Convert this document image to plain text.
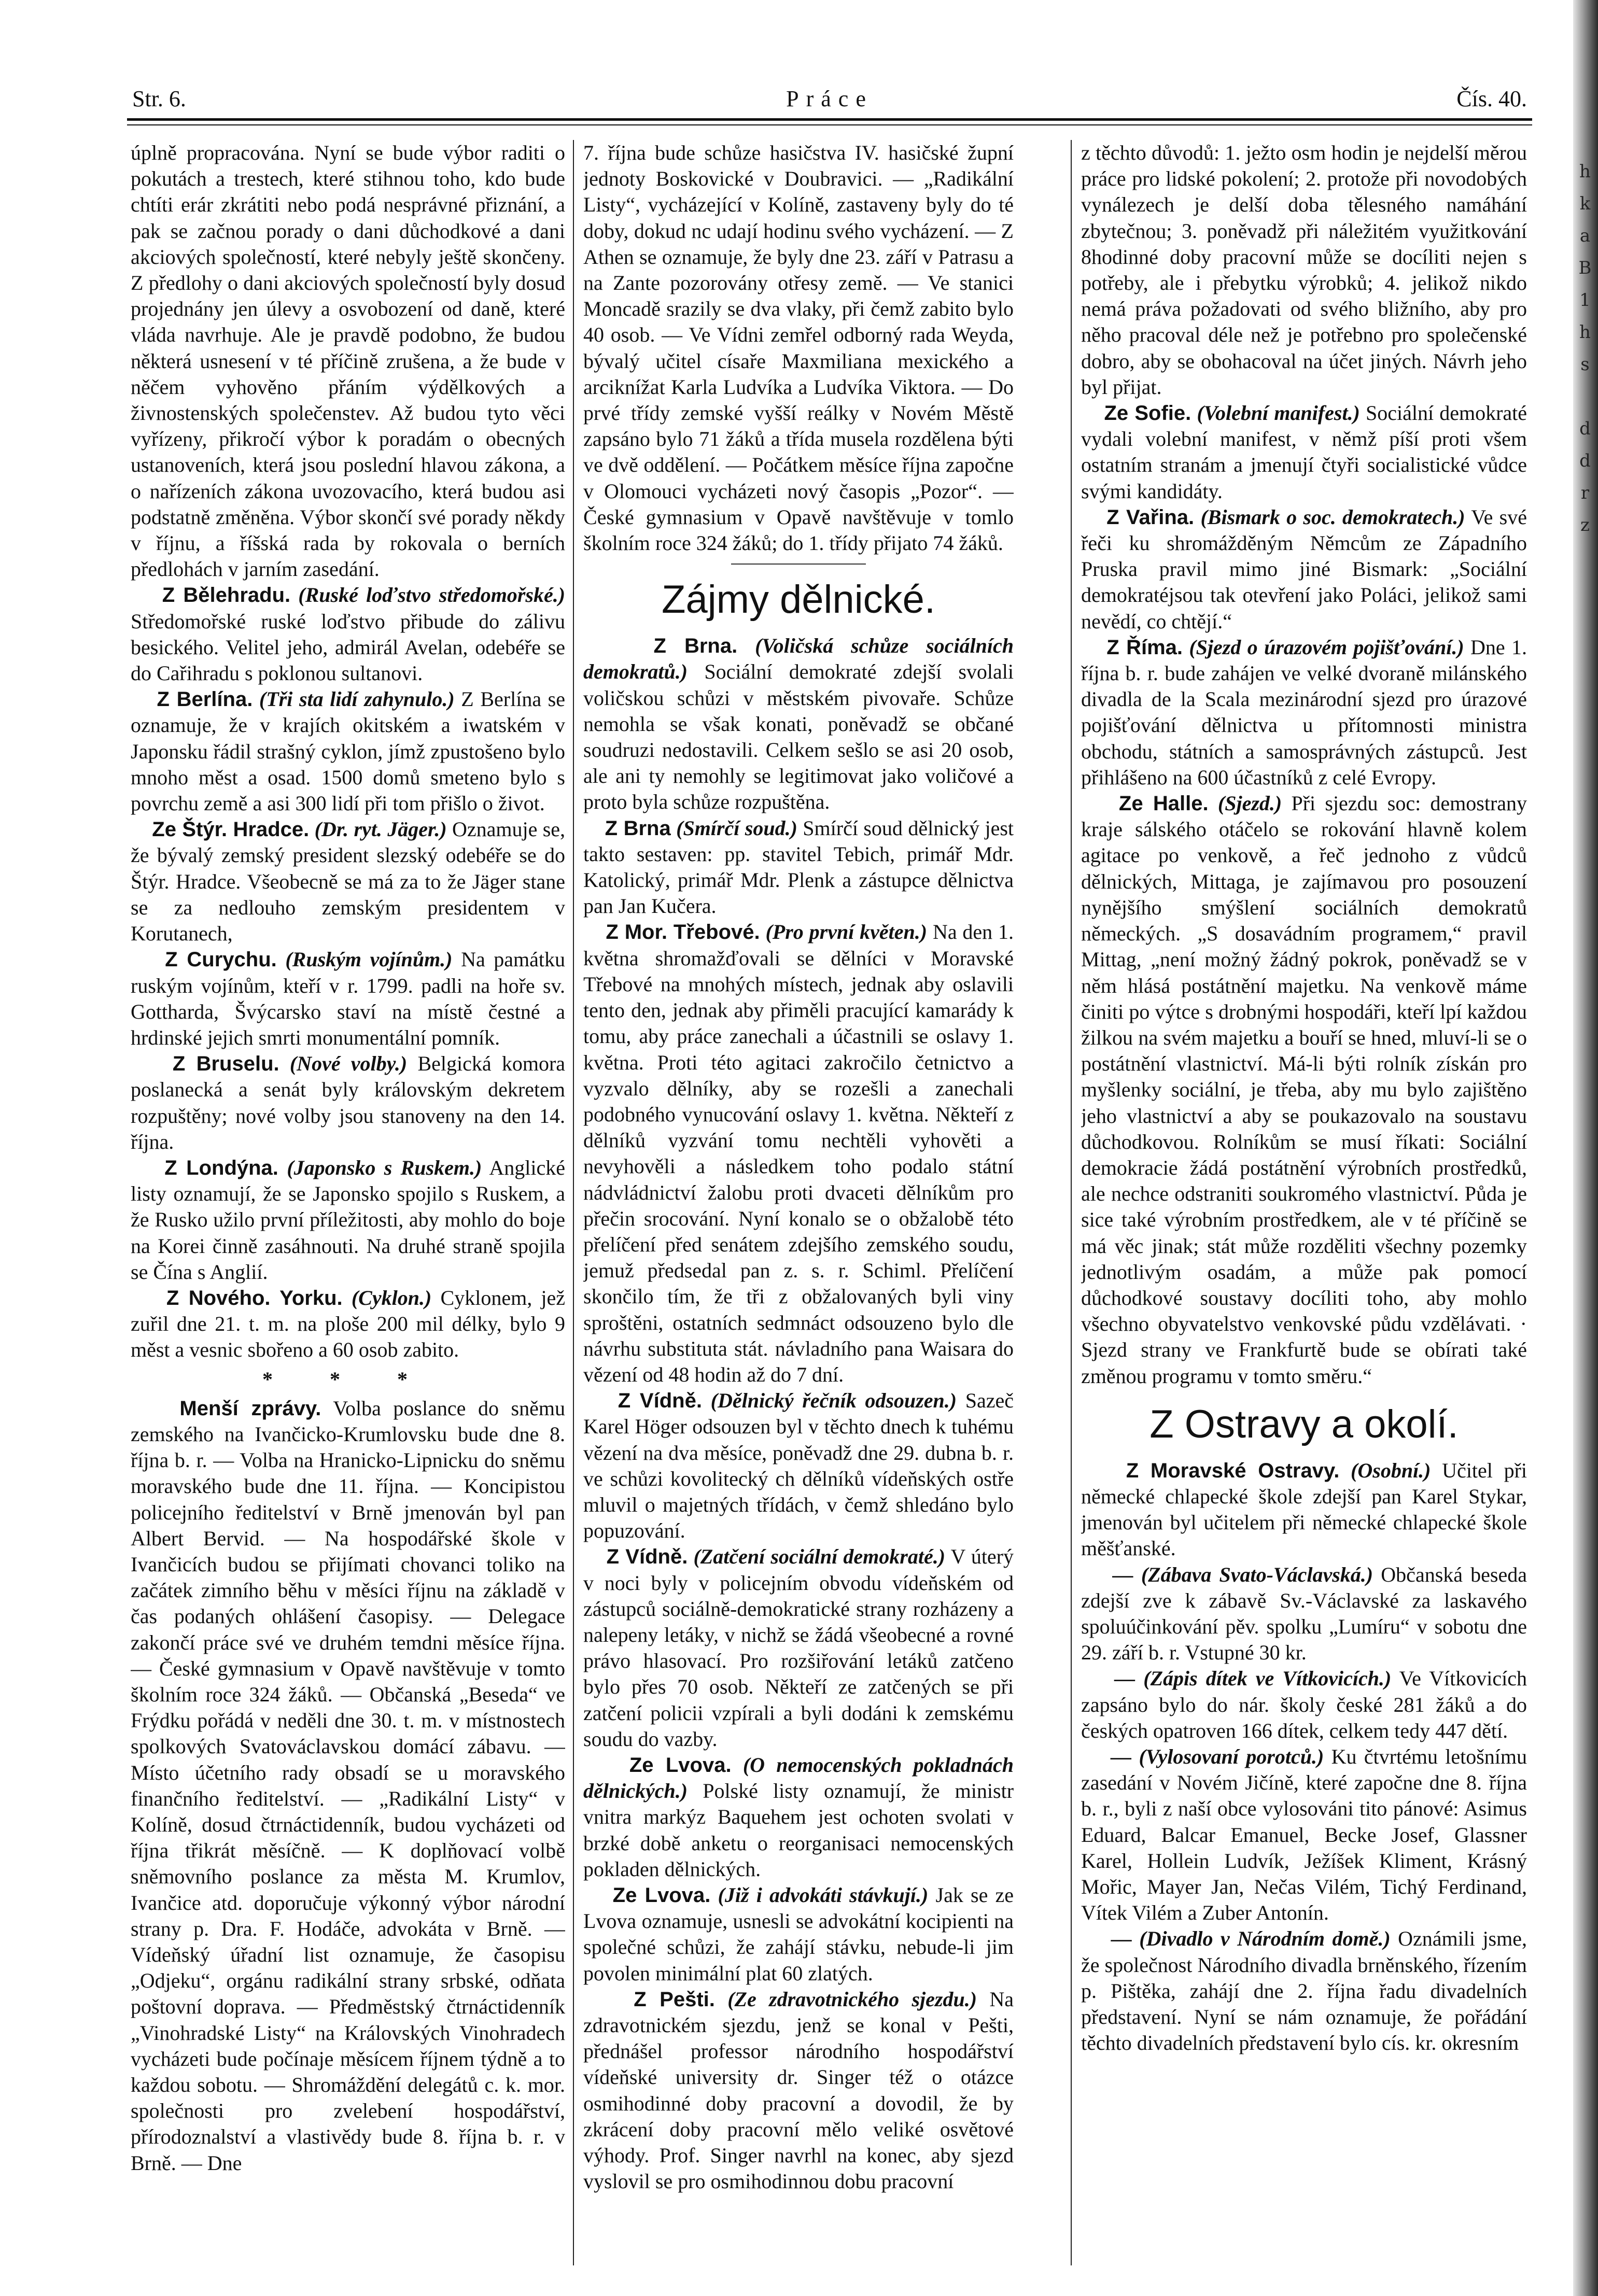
h
k
a
B
1
h
s

d
d
r
z
Str. 6.	Práce	Čís. 40.

úplně propracována. Nyní se bude výbor raditi o pokutách a trestech, které stihnou toho, kdo bude chtíti erár zkrátiti nebo podá nesprávné přiznání, a pak se začnou porady o dani důchodkové a dani akciových společností, které nebyly ještě skončeny. Z předlohy o dani akciových společností byly dosud projednány jen úlevy a osvobození od daně, které vláda navrhuje. Ale je pravdě podobno, že budou některá usnesení v té příčině zrušena, a že bude v něčem vyhověno přáním výdělkových a živnostenských společenstev. Až budou tyto věci vyřízeny, přikročí výbor k poradám o obecných ustanoveních, která jsou poslední hlavou zákona, a o nařízeních zákona uvozovacího, která budou asi podstatně změněna. Výbor skončí své porady někdy v říjnu, a říšská rada by rokovala o berních předlohách v jarním zasedání.

Z Bělehradu. (Ruské loďstvo středomořské.) Středomořské ruské loďstvo přibude do zálivu besického. Velitel jeho, admirál Avelan, odebéře se do Cařihradu s poklonou sultanovi.

Z Berlína. (Tři sta lidí zahynulo.) Z Berlína se oznamuje, že v krajích okitském a iwatském v Japonsku řádil strašný cyklon, jímž zpustošeno bylo mnoho měst a osad. 1500 domů smeteno bylo s povrchu země a asi 300 lidí při tom přišlo o život.

Ze Štýr. Hradce. (Dr. ryt. Jäger.) Oznamuje se, že bývalý zemský president slezský odebéře se do Štýr. Hradce. Všeobecně se má za to že Jäger stane se za nedlouho zemským presidentem v Korutanech,

Z Curychu. (Ruským vojínům.) Na památku ruským vojínům, kteří v r. 1799. padli na hoře sv. Gottharda, Švýcarsko staví na místě čestné a hrdinské jejich smrti monumentální pomník.

Z Bruselu. (Nové volby.) Belgická komora poslanecká a senát byly královským dekretem rozpuštěny; nové volby jsou stanoveny na den 14. října.

Z Londýna. (Japonsko s Ruskem.) Anglické listy oznamují, že se Japonsko spojilo s Ruskem, a že Rusko užilo první příležitosti, aby mohlo do boje na Korei činně zasáhnouti. Na druhé straně spojila se Čína s Anglií.

Z Nového. Yorku. (Cyklon.) Cyklonem, jež zuřil dne 21. t. m. na ploše 200 mil délky, bylo 9 měst a vesnic sbořeno a 60 osob zabito.

* * *

Menší zprávy. Volba poslance do sněmu zemského na Ivančicko-Krumlovsku bude dne 8. října b. r. — Volba na Hranicko-Lipnicku do sněmu moravského bude dne 11. října. — Koncipistou policejního ředitelství v Brně jmenován byl pan Albert Bervid. — Na hospodářské škole v Ivančicích budou se přijímati chovanci toliko na začátek zimního běhu v měsíci říjnu na základě v čas podaných ohlášení časopisy. — Delegace zakončí práce své ve druhém temdni měsíce října. — České gymnasium v Opavě navštěvuje v tomto školním roce 324 žáků. — Občanská „Beseda“ ve Frýdku pořádá v neděli dne 30. t. m. v místnostech spolkových Svatováclavskou domácí zábavu. — Místo účetního rady obsadí se u moravského finančního ředitelství. — „Radikální Listy“ v Kolíně, dosud čtrnáctidenník, budou vycházeti od října třikrát měsíčně. — K doplňovací volbě sněmovního poslance za města M. Krumlov, Ivančice atd. doporučuje výkonný výbor národní strany p. Dra. F. Hodáče, advokáta v Brně. — Vídeňský úřadní list oznamuje, že časopisu „Odjeku“, orgánu radikální strany srbské, odňata poštovní doprava. — Předměstský čtrnáctidenník „Vinohradské Listy“ na Královských Vinohradech vycházeti bude počínaje měsícem říjnem týdně a to každou sobotu. — Shromáždění delegátů c. k. mor. společnosti pro zvelebení hospodářství, přírodoznalství a vlastivědy bude 8. října b. r. v Brně. — Dne

7. října bude schůze hasičstva IV. hasičské župní jednoty Boskovické v Doubravici. — „Radikální Listy“, vycházející v Kolíně, zastaveny byly do té doby, dokud nc udají hodinu svého vycházení. — Z Athen se oznamuje, že byly dne 23. září v Patrasu a na Zante pozorovány otřesy země. — Ve stanici Moncadě srazily se dva vlaky, při čemž zabito bylo 40 osob. — Ve Vídni zemřel odborný rada Weyda, bývalý učitel císaře Maxmiliana mexického a arciknížat Karla Ludvíka a Ludvíka Viktora. — Do prvé třídy zemské vyšší reálky v Novém Městě zapsáno bylo 71 žáků a třída musela rozdělena býti ve dvě oddělení. — Počátkem měsíce října započne v Olomouci vycházeti nový časopis „Pozor“. — České gymnasium v Opavě navštěvuje v tomlo školním roce 324 žáků; do 1. třídy přijato 74 žáků.

Zájmy dělnické.

Z Brna. (Voličská schůze sociálních demokratů.) Sociální demokraté zdejší svolali voličskou schůzi v městském pivovaře. Schůze nemohla se však konati, poněvadž se občané soudruzi nedostavili. Celkem sešlo se asi 20 osob, ale ani ty nemohly se legitimovat jako voličové a proto byla schůze rozpuštěna.

Z Brna (Smírčí soud.) Smírčí soud dělnický jest takto sestaven: pp. stavitel Tebich, primář Mdr. Katolický, primář Mdr. Plenk a zástupce dělnictva pan Jan Kučera.

Z Mor. Třebové. (Pro první květen.) Na den 1. května shromažďovali se dělníci v Moravské Třebové na mnohých místech, jednak aby oslavili tento den, jednak aby přiměli pracující kamarády k tomu, aby práce zanechali a účastnili se oslavy 1. května. Proti této agitaci zakročilo četnictvo a vyzvalo dělníky, aby se rozešli a zanechali podobného vynucování oslavy 1. května. Někteří z dělníků vyzvání tomu nechtěli vyhověti a nevyhověli a následkem toho podalo státní nádvládnictví žalobu proti dvaceti dělníkům pro přečin srocování. Nyní konalo se o obžalobě této přelíčení před senátem zdejšího zemského soudu, jemuž předsedal pan z. s. r. Schiml. Přelíčení skončilo tím, že tři z obžalovaných byli viny sproštěni, ostatních sedmnáct odsouzeno bylo dle návrhu substituta stát. návladního pana Waisara do vězení od 48 hodin až do 7 dní.

Z Vídně. (Dělnický řečník odsouzen.) Sazeč Karel Höger odsouzen byl v těchto dnech k tuhému vězení na dva měsíce, poněvadž dne 29. dubna b. r. ve schůzi kovolitecký ch dělníků vídeňských ostře mluvil o majetných třídách, v čemž shledáno bylo popuzování.

Z Vídně. (Zatčení sociální demokraté.) V úterý v noci byly v policejním obvodu vídeňském od zástupců sociálně-demokratické strany rozházeny a nalepeny letáky, v nichž se žádá všeobecné a rovné právo hlasovací. Pro rozšiřování letáků zatčeno bylo přes 70 osob. Někteří ze zatčených se při zatčení policii vzpírali a byli dodáni k zemskému soudu do vazby.

Ze Lvova. (O nemocenských pokladnách dělnických.) Polské listy oznamují, že ministr vnitra markýz Baquehem jest ochoten svolati v brzké době anketu o reorganisaci nemocenských pokladen dělnických.

Ze Lvova. (Již i advokáti stávkují.) Jak se ze Lvova oznamuje, usnesli se advokátní kocipienti na společné schůzi, že zahájí stávku, nebude-li jim povolen minimální plat 60 zlatých.

Z Pešti. (Ze zdravotnického sjezdu.) Na zdravotnickém sjezdu, jenž se konal v Pešti, přednášel professor národního hospodářství vídeňské university dr. Singer též o otázce osmihodinné doby pracovní a dovodil, že by zkrácení doby pracovní mělo veliké osvětové výhody. Prof. Singer navrhl na konec, aby sjezd vyslovil se pro osmihodinnou dobu pracovní

z těchto důvodů: 1. ježto osm hodin je nejdelší měrou práce pro lidské pokolení; 2. protože při novodobých vynálezech je delší doba tělesného namáhání zbytečnou; 3. poněvadž při náležitém využitkování 8hodinné doby pracovní může se docíliti nejen s potřeby, ale i přebytku výrobků; 4. jelikož nikdo nemá práva požadovati od svého bližního, aby pro něho pracoval déle než je potřebno pro společenské dobro, aby se obohacoval na účet jiných. Návrh jeho byl přijat.

Ze Sofie. (Volební manifest.) Sociální demokraté vydali volební manifest, v němž píší proti všem ostatním stranám a jmenují čtyři socialistické vůdce svými kandidáty.

Z Vařina. (Bismark o soc. demokratech.) Ve své řeči ku shromážděným Němcům ze Západního Pruska pravil mimo jiné Bismark: „Sociální demokratéjsou tak otevření jako Poláci, jelikož sami nevědí, co chtějí.“

Z Říma. (Sjezd o úrazovém pojišťování.) Dne 1. října b. r. bude zahájen ve velké dvoraně milánského divadla de la Scala mezinárodní sjezd pro úrazové pojišťování dělnictva u přítomnosti ministra obchodu, státních a samosprávných zástupců. Jest přihlášeno na 600 účastníků z celé Evropy.

Ze Halle. (Sjezd.) Při sjezdu soc: demostrany kraje sálského otáčelo se rokování hlavně kolem agitace po venkově, a řeč jednoho z vůdců dělnických, Mittaga, je zajímavou pro posouzení nynějšího smýšlení sociálních demokratů německých. „S dosavádním programem,“ pravil Mittag, „není možný žádný pokrok, poněvadž se v něm hlásá postátnění majetku. Na venkově máme činiti po výtce s drobnými hospodáři, kteří lpí každou žilkou na svém majetku a bouří se hned, mluví-li se o postátnění vlastnictví. Má-li býti rolník získán pro myšlenky sociální, je třeba, aby mu bylo zajištěno jeho vlastnictví a aby se poukazovalo na soustavu důchodkovou. Rolníkům se musí říkati: Sociální demokracie žádá postátnění výrobních prostředků, ale nechce odstraniti soukromého vlastnictví. Půda je sice také výrobním prostředkem, ale v té příčině se má věc jinak; stát může rozděliti všechny pozemky jednotlivým osadám, a může pak pomocí důchodkové soustavy docíliti toho, aby mohlo všechno obyvatelstvo venkovské půdu vzdělávati. · Sjezd strany ve Frankfurtě bude se obírati také změnou programu v tomto směru.“

Z Ostravy a okolí.

Z Moravské Ostravy. (Osobní.) Učitel při německé chlapecké škole zdejší pan Karel Stykar, jmenován byl učitelem při německé chlapecké škole měšťanské.

— (Zábava Svato-Václavská.) Občanská beseda zdejší zve k zábavě Sv.-Václavské za laskavého spoluúčinkování pěv. spolku „Lumíru“ v sobotu dne 29. září b. r. Vstupné 30 kr.

— (Zápis dítek ve Vítkovicích.) Ve Vítkovicích zapsáno bylo do nár. školy české 281 žáků a do českých opatroven 166 dítek, celkem tedy 447 dětí.

— (Vylosovaní porotců.) Ku čtvrtému letošnímu zasedání v Novém Jičíně, které započne dne 8. října b. r., byli z naší obce vylosováni tito pánové: Asimus Eduard, Balcar Emanuel, Becke Josef, Glassner Karel, Hollein Ludvík, Ježíšek Kliment, Krásný Mořic, Mayer Jan, Nečas Vilém, Tichý Ferdinand, Vítek Vilém a Zuber Antonín.

— (Divadlo v Národním domě.) Oznámili jsme, že společnost Národního divadla brněnského, řízením p. Pištěka, zahájí dne 2. října řadu divadelních představení. Nyní se nám oznamuje, že pořádání těchto divadelních představení bylo cís. kr. okresním
